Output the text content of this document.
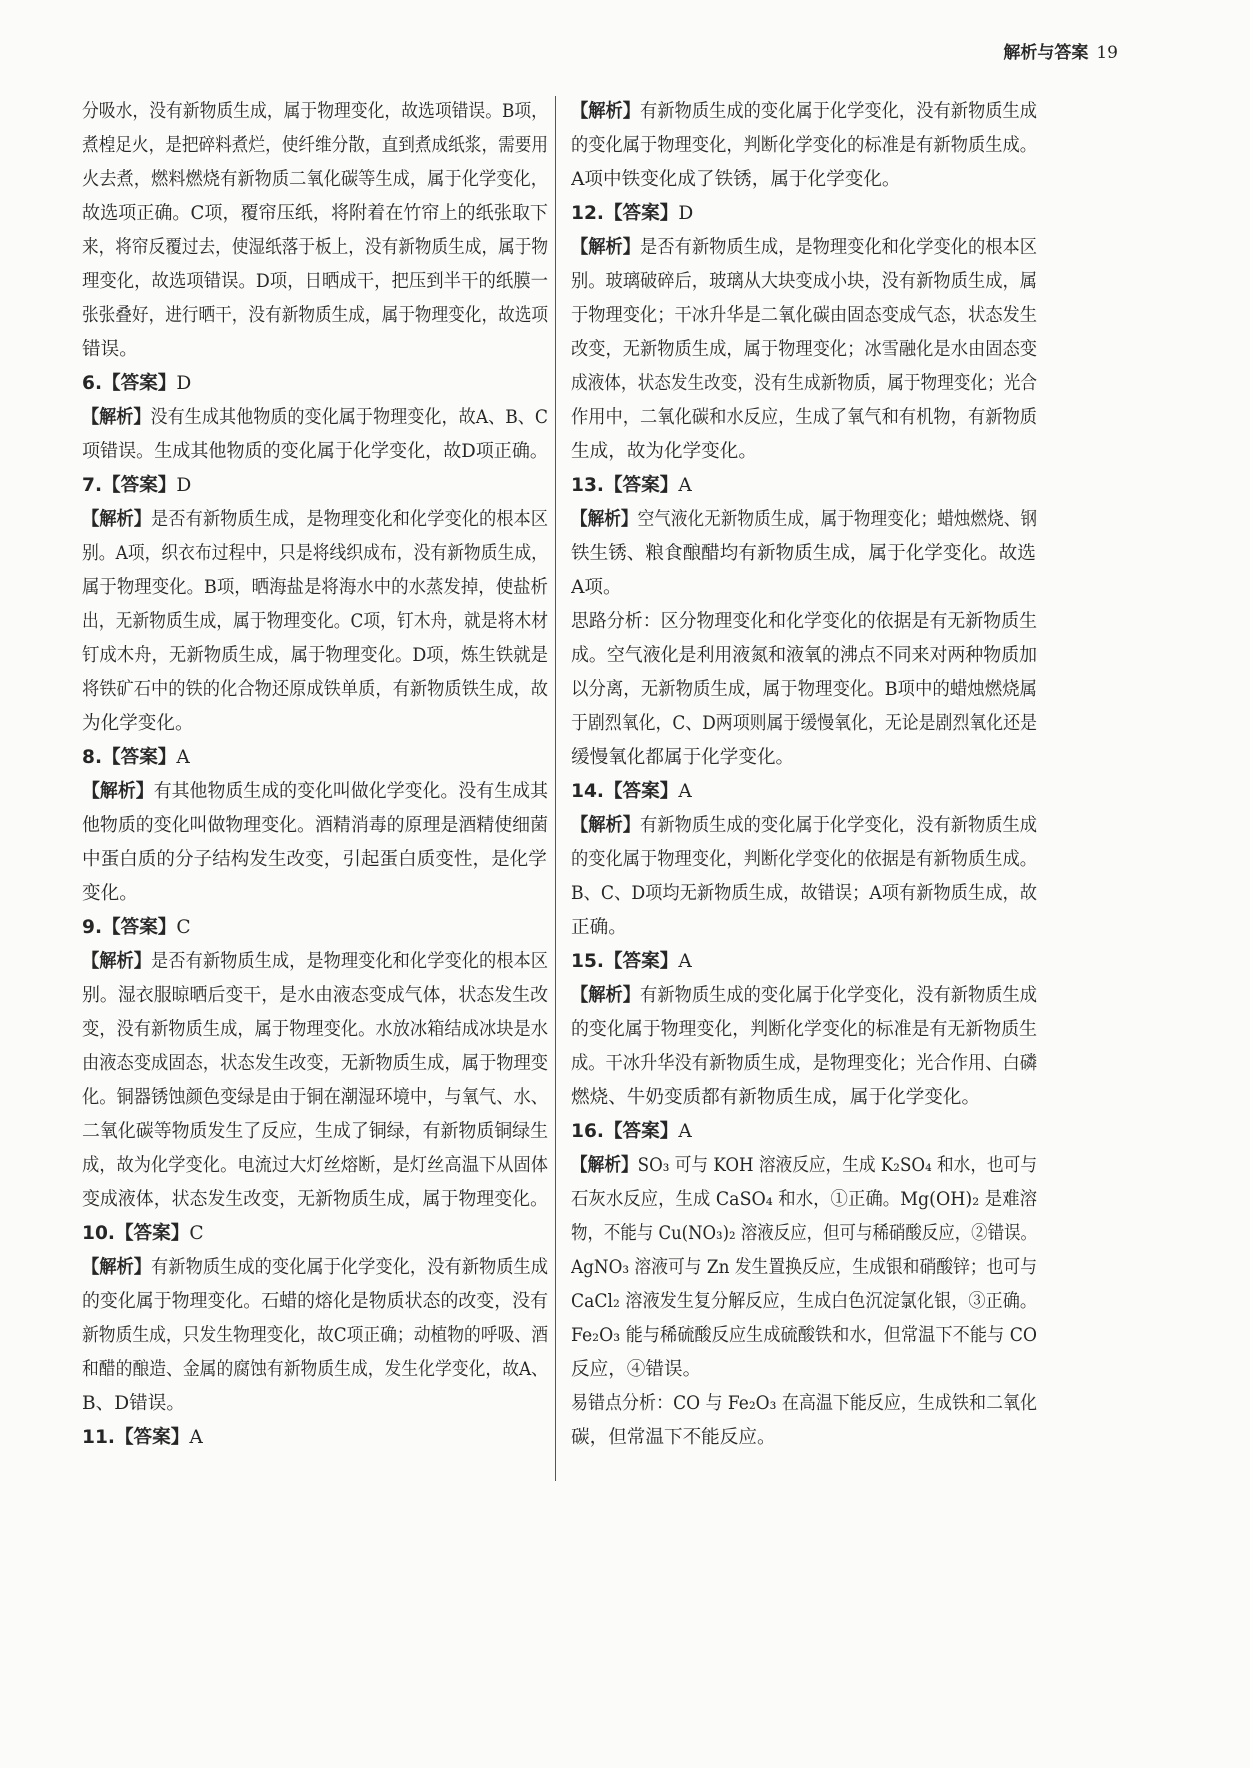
解析与答案 19
分吸水，没有新物质生成，属于物理变化，故选项错误。B项，
煮楻足火，是把碎料煮烂，使纤维分散，直到煮成纸浆，需要用
火去煮，燃料燃烧有新物质二氧化碳等生成，属于化学变化，
故选项正确。C项，覆帘压纸，将附着在竹帘上的纸张取下
来，将帘反覆过去，使湿纸落于板上，没有新物质生成，属于物
理变化，故选项错误。D项，日晒成干，把压到半干的纸膜一
张张叠好，进行晒干，没有新物质生成，属于物理变化，故选项
错误。
6.【答案】D
【解析】没有生成其他物质的变化属于物理变化，故A、B、C
项错误。生成其他物质的变化属于化学变化，故D项正确。
7.【答案】D
【解析】是否有新物质生成，是物理变化和化学变化的根本区
别。A项，织衣布过程中，只是将线织成布，没有新物质生成，
属于物理变化。B项，晒海盐是将海水中的水蒸发掉，使盐析
出，无新物质生成，属于物理变化。C项，钉木舟，就是将木材
钉成木舟，无新物质生成，属于物理变化。D项，炼生铁就是
将铁矿石中的铁的化合物还原成铁单质，有新物质铁生成，故
为化学变化。
8.【答案】A
【解析】有其他物质生成的变化叫做化学变化。没有生成其
他物质的变化叫做物理变化。酒精消毒的原理是酒精使细菌
中蛋白质的分子结构发生改变，引起蛋白质变性，是化学
变化。
9.【答案】C
【解析】是否有新物质生成，是物理变化和化学变化的根本区
别。湿衣服晾晒后变干，是水由液态变成气体，状态发生改
变，没有新物质生成，属于物理变化。水放冰箱结成冰块是水
由液态变成固态，状态发生改变，无新物质生成，属于物理变
化。铜器锈蚀颜色变绿是由于铜在潮湿环境中，与氧气、水、
二氧化碳等物质发生了反应，生成了铜绿，有新物质铜绿生
成，故为化学变化。电流过大灯丝熔断，是灯丝高温下从固体
变成液体，状态发生改变，无新物质生成，属于物理变化。
10.【答案】C
【解析】有新物质生成的变化属于化学变化，没有新物质生成
的变化属于物理变化。石蜡的熔化是物质状态的改变，没有
新物质生成，只发生物理变化，故C项正确；动植物的呼吸、酒
和醋的酿造、金属的腐蚀有新物质生成，发生化学变化，故A、
B、D错误。
11.【答案】A
【解析】有新物质生成的变化属于化学变化，没有新物质生成
的变化属于物理变化，判断化学变化的标准是有新物质生成。
A项中铁变化成了铁锈，属于化学变化。
12.【答案】D
【解析】是否有新物质生成，是物理变化和化学变化的根本区
别。玻璃破碎后，玻璃从大块变成小块，没有新物质生成，属
于物理变化；干冰升华是二氧化碳由固态变成气态，状态发生
改变，无新物质生成，属于物理变化；冰雪融化是水由固态变
成液体，状态发生改变，没有生成新物质，属于物理变化；光合
作用中，二氧化碳和水反应，生成了氧气和有机物，有新物质
生成，故为化学变化。
13.【答案】A
【解析】空气液化无新物质生成，属于物理变化；蜡烛燃烧、钢
铁生锈、粮食酿醋均有新物质生成，属于化学变化。故选
A项。
思路分析：区分物理变化和化学变化的依据是有无新物质生
成。空气液化是利用液氮和液氧的沸点不同来对两种物质加
以分离，无新物质生成，属于物理变化。B项中的蜡烛燃烧属
于剧烈氧化，C、D两项则属于缓慢氧化，无论是剧烈氧化还是
缓慢氧化都属于化学变化。
14.【答案】A
【解析】有新物质生成的变化属于化学变化，没有新物质生成
的变化属于物理变化，判断化学变化的依据是有新物质生成。
B、C、D项均无新物质生成，故错误；A项有新物质生成，故
正确。
15.【答案】A
【解析】有新物质生成的变化属于化学变化，没有新物质生成
的变化属于物理变化，判断化学变化的标准是有无新物质生
成。干冰升华没有新物质生成，是物理变化；光合作用、白磷
燃烧、牛奶变质都有新物质生成，属于化学变化。
16.【答案】A
【解析】SO₃ 可与 KOH 溶液反应，生成 K₂SO₄ 和水，也可与
石灰水反应，生成 CaSO₄ 和水，①正确。Mg(OH)₂ 是难溶
物，不能与 Cu(NO₃)₂ 溶液反应，但可与稀硝酸反应，②错误。
AgNO₃ 溶液可与 Zn 发生置换反应，生成银和硝酸锌；也可与
CaCl₂ 溶液发生复分解反应，生成白色沉淀氯化银，③正确。
Fe₂O₃ 能与稀硫酸反应生成硫酸铁和水，但常温下不能与 CO
反应，④错误。
易错点分析：CO 与 Fe₂O₃ 在高温下能反应，生成铁和二氧化
碳，但常温下不能反应。
